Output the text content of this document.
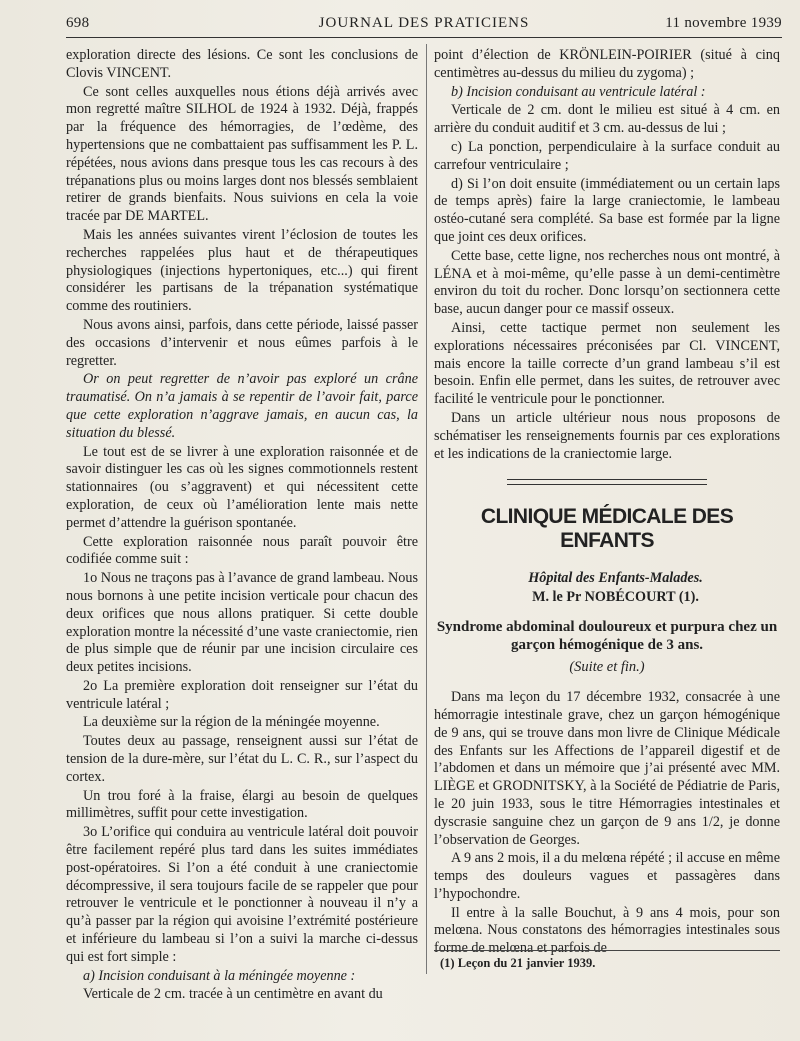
698	JOURNAL DES PRATICIENS	11 novembre 1939

exploration directe des lésions. Ce sont les conclusions de Clovis VINCENT.

Ce sont celles auxquelles nous étions déjà arrivés avec mon regretté maître SILHOL de 1924 à 1932. Déjà, frappés par la fréquence des hémorragies, de l’œdème, des hypertensions que ne combattaient pas suffisamment les P. L. répétées, nous avions dans presque tous les cas recours à des trépanations plus ou moins larges dont nos blessés semblaient retirer de grands bienfaits. Nous suivions en cela la voie tracée par DE MARTEL.

Mais les années suivantes virent l’éclosion de toutes les recherches rappelées plus haut et de thérapeutiques physiologiques (injections hypertoniques, etc...) qui firent considérer les partisans de la trépanation systématique comme des routiniers.

Nous avons ainsi, parfois, dans cette période, laissé passer des occasions d’intervenir et nous eûmes parfois à le regretter.

Or on peut regretter de n’avoir pas exploré un crâne traumatisé. On n’a jamais à se repentir de l’avoir fait, parce que cette exploration n’aggrave jamais, en aucun cas, la situation du blessé.

Le tout est de se livrer à une exploration raisonnée et de savoir distinguer les cas où les signes commotionnels restent stationnaires (ou s’aggravent) et qui nécessitent cette exploration, de ceux où l’amélioration lente mais nette permet d’attendre la guérison spontanée.

Cette exploration raisonnée nous paraît pouvoir être codifiée comme suit :

1o Nous ne traçons pas à l’avance de grand lambeau. Nous nous bornons à une petite incision verticale pour chacun des deux orifices que nous allons pratiquer. Si cette double exploration montre la nécessité d’une vaste craniectomie, rien de plus simple que de réunir par une incision circulaire ces deux petites incisions.

2o La première exploration doit renseigner sur l’état du ventricule latéral ;

La deuxième sur la région de la méningée moyenne.

Toutes deux au passage, renseignent aussi sur l’état de tension de la dure-mère, sur l’état du L. C. R., sur l’aspect du cortex.

Un trou foré à la fraise, élargi au besoin de quelques millimètres, suffit pour cette investigation.

3o L’orifice qui conduira au ventricule latéral doit pouvoir être facilement repéré plus tard dans les suites immédiates post-opératoires. Si l’on a été conduit à une craniectomie décompressive, il sera toujours facile de se rappeler que pour retrouver le ventricule et le ponctionner à nouveau il n’y a qu’à passer par la région qui avoisine l’extrémité postérieure et inférieure du lambeau si l’on a suivi la marche ci-dessus qui est fort simple :

a) Incision conduisant à la méningée moyenne :

Verticale de 2 cm. tracée à un centimètre en avant du

point d’élection de KRÖNLEIN-POIRIER (situé à cinq centimètres au-dessus du milieu du zygoma) ;

b) Incision conduisant au ventricule latéral :

Verticale de 2 cm. dont le milieu est situé à 4 cm. en arrière du conduit auditif et 3 cm. au-dessus de lui ;

c) La ponction, perpendiculaire à la surface conduit au carrefour ventriculaire ;

d) Si l’on doit ensuite (immédiatement ou un certain laps de temps après) faire la large craniectomie, le lambeau ostéo-cutané sera complété. Sa base est formée par la ligne que joint ces deux orifices.

Cette base, cette ligne, nos recherches nous ont montré, à LÉNA et à moi-même, qu’elle passe à un demi-centimètre environ du toit du rocher. Donc lorsqu’on sectionnera cette base, aucun danger pour ce massif osseux.

Ainsi, cette tactique permet non seulement les explorations nécessaires préconisées par Cl. VINCENT, mais encore la taille correcte d’un grand lambeau s’il est besoin. Enfin elle permet, dans les suites, de retrouver avec facilité le ventricule pour le ponctionner.

Dans un article ultérieur nous nous proposons de schématiser les renseignements fournis par ces explorations et les indications de la craniectomie large.

CLINIQUE MÉDICALE DES ENFANTS

Hôpital des Enfants-Malades.

M. le Pr NOBÉCOURT (1).

Syndrome abdominal douloureux et purpura chez un garçon hémogénique de 3 ans.
(Suite et fin.)

Dans ma leçon du 17 décembre 1932, consacrée à une hémorragie intestinale grave, chez un garçon hémogénique de 9 ans, qui se trouve dans mon livre de Clinique Médicale des Enfants sur les Affections de l’appareil digestif et de l’abdomen et dans un mémoire que j’ai présenté avec MM. LIÈGE et GRODNITSKY, à la Société de Pédiatrie de Paris, le 20 juin 1933, sous le titre Hémorragies intestinales et dyscrasie sanguine chez un garçon de 9 ans 1/2, je donne l’observation de Georges.

A 9 ans 2 mois, il a du melœna répété ; il accuse en même temps des douleurs vagues et passagères dans l’hypochondre.

Il entre à la salle Bouchut, à 9 ans 4 mois, pour son melœna. Nous constatons des hémorragies intestinales sous forme de melœna et parfois de

(1) Leçon du 21 janvier 1939.
